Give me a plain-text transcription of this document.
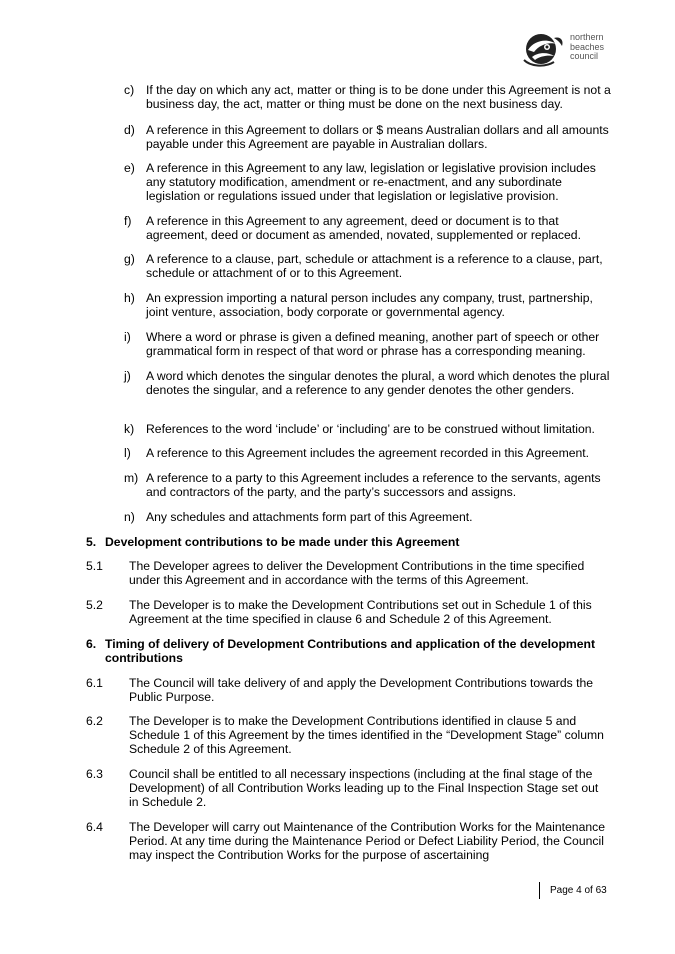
northern
beaches
council
c) If the day on which any act, matter or thing is to be done under this Agreement is not a business day, the act, matter or thing must be done on the next business day.
d) A reference in this Agreement to dollars or $ means Australian dollars and all amounts payable under this Agreement are payable in Australian dollars.
e) A reference in this Agreement to any law, legislation or legislative provision includes any statutory modification, amendment or re-enactment, and any subordinate legislation or regulations issued under that legislation or legislative provision.
f) A reference in this Agreement to any agreement, deed or document is to that agreement, deed or document as amended, novated, supplemented or replaced.
g) A reference to a clause, part, schedule or attachment is a reference to a clause, part, schedule or attachment of or to this Agreement.
h) An expression importing a natural person includes any company, trust, partnership, joint venture, association, body corporate or governmental agency.
i) Where a word or phrase is given a defined meaning, another part of speech or other grammatical form in respect of that word or phrase has a corresponding meaning.
j) A word which denotes the singular denotes the plural, a word which denotes the plural denotes the singular, and a reference to any gender denotes the other genders.
k) References to the word ‘include’ or ‘including’ are to be construed without limitation.
l) A reference to this Agreement includes the agreement recorded in this Agreement.
m) A reference to a party to this Agreement includes a reference to the servants, agents and contractors of the party, and the party’s successors and assigns.
n) Any schedules and attachments form part of this Agreement.
5. Development contributions to be made under this Agreement
5.1 The Developer agrees to deliver the Development Contributions in the time specified under this Agreement and in accordance with the terms of this Agreement.
5.2 The Developer is to make the Development Contributions set out in Schedule 1 of this Agreement at the time specified in clause 6 and Schedule 2 of this Agreement.
6. Timing of delivery of Development Contributions and application of the development contributions
6.1 The Council will take delivery of and apply the Development Contributions towards the Public Purpose.
6.2 The Developer is to make the Development Contributions identified in clause 5 and Schedule 1 of this Agreement by the times identified in the “Development Stage” column Schedule 2 of this Agreement.
6.3 Council shall be entitled to all necessary inspections (including at the final stage of the Development) of all Contribution Works leading up to the Final Inspection Stage set out in Schedule 2.
6.4 The Developer will carry out Maintenance of the Contribution Works for the Maintenance Period. At any time during the Maintenance Period or Defect Liability Period, the Council may inspect the Contribution Works for the purpose of ascertaining
Page 4 of 63
